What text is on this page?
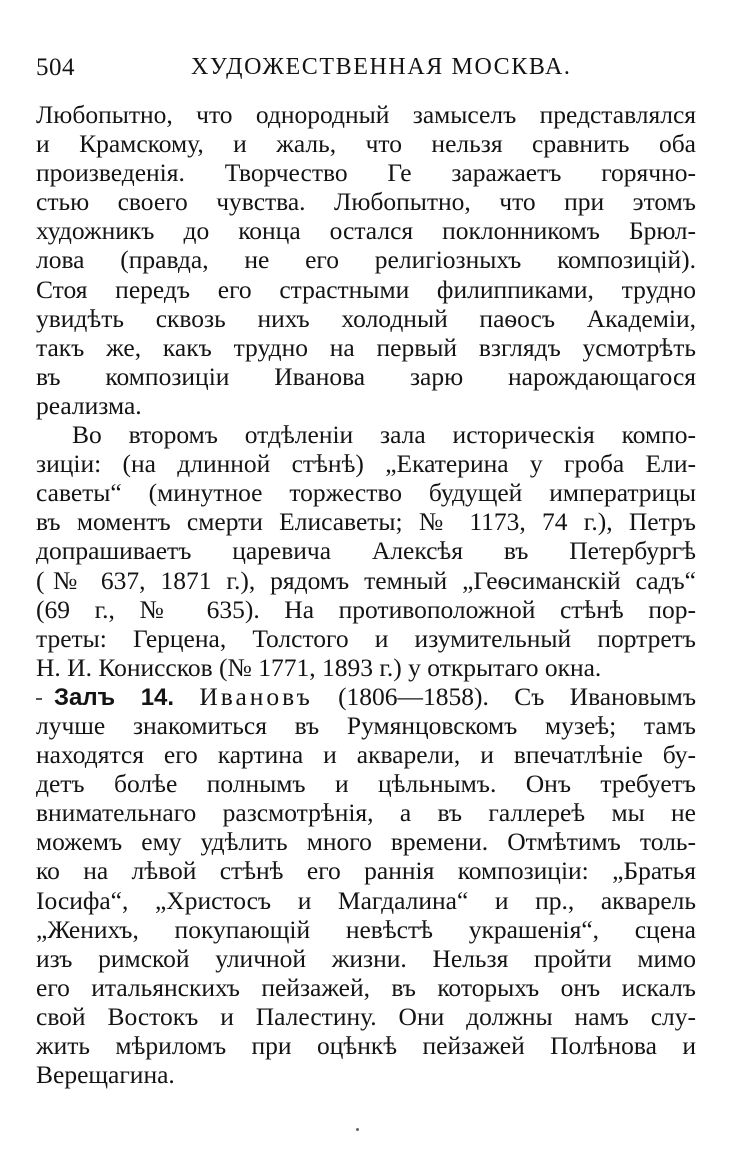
504	ХУДОЖЕСТВЕННАЯ МОСКВА.
Любопытно, что однородный замыселъ представлялся
и Крамскому, и жаль, что нельзя сравнить оба
произведенія. Творчество Ге заражаетъ горячно-
стью своего чувства. Любопытно, что при этомъ
художникъ до конца остался поклонникомъ Брюл-
лова (правда, не его религіозныхъ композицій).
Стоя передъ его страстными филиппиками, трудно
увидѣть сквозь нихъ холодный паѳосъ Академіи,
такъ же, какъ трудно на первый взглядъ усмотрѣть
въ композиціи Иванова зарю нарождающагося
реализма.
Во второмъ отдѣленіи зала историческія компо-
зиціи: (на длинной стѣнѣ) „Екатерина у гроба Ели-
саветы“ (минутное торжество будущей императрицы
въ моментъ смерти Елисаветы; № 1173, 74 г.), Петръ
допрашиваетъ царевича Алексѣя въ Петербургѣ
(№ 637, 1871 г.), рядомъ темный „Геѳсиманскій садъ“
(69 г., № 635). На противоположной стѣнѣ пор-
треты: Герцена, Толстого и изумительный портретъ
Н. И. Кониссков (№ 1771, 1893 г.) у открытаго окна.
Залъ 14. Ивановъ (1806—1858). Съ Ивановымъ
лучше знакомиться въ Румянцовскомъ музеѣ; тамъ
находятся его картина и акварели, и впечатлѣніе бу-
детъ болѣе полнымъ и цѣльнымъ. Онъ требуетъ
внимательнаго разсмотрѣнія, а въ галлереѣ мы не
можемъ ему удѣлить много времени. Отмѣтимъ толь-
ко на лѣвой стѣнѣ его раннія композиціи: „Братья
Іосифа“, „Христосъ и Магдалина“ и пр., акварель
„Женихъ, покупающій невѣстѣ украшенія“, сцена
изъ римской уличной жизни. Нельзя пройти мимо
его итальянскихъ пейзажей, въ которыхъ онъ искалъ
свой Востокъ и Палестину. Они должны намъ слу-
жить мѣриломъ при оцѣнкѣ пейзажей Полѣнова и
Верещагина.
